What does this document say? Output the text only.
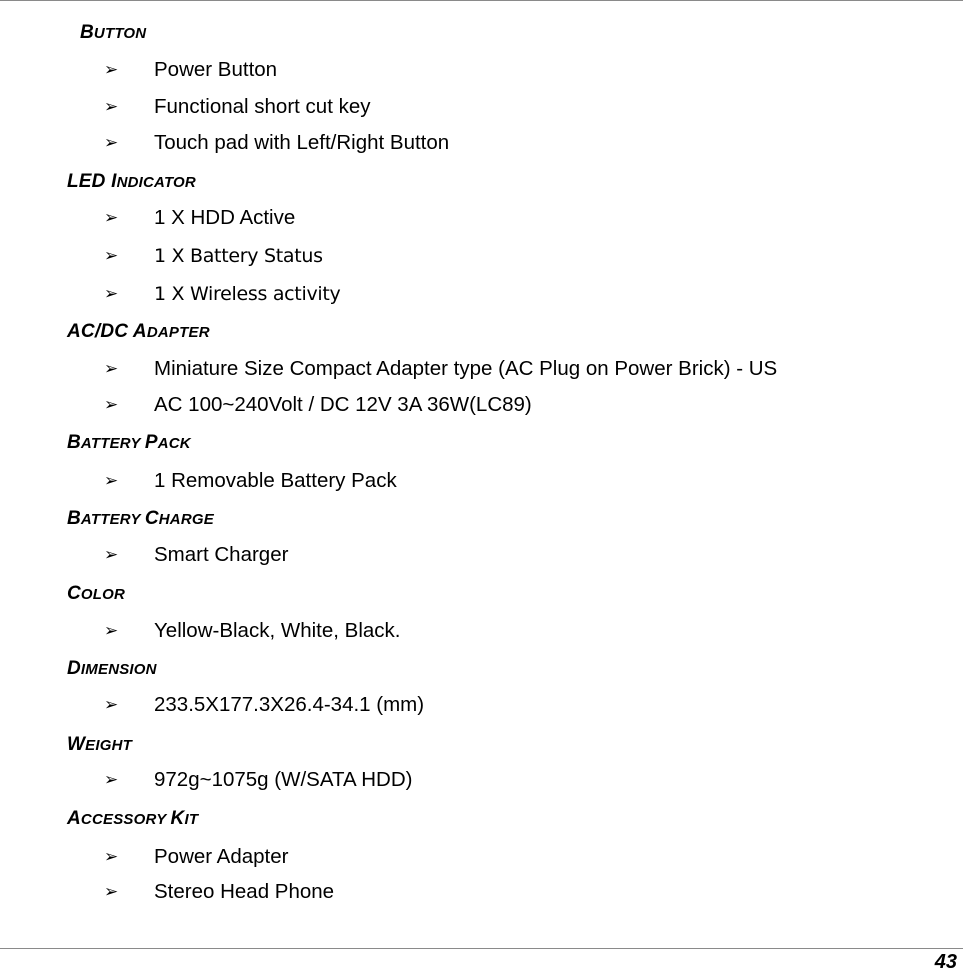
BUTTON
➢ Power Button
➢ Functional short cut key
➢ Touch pad with Left/Right Button
LED INDICATOR
➢ 1 X HDD Active
➢ 1 X Battery Status
➢ 1 X Wireless activity
AC/DC ADAPTER
➢ Miniature Size Compact Adapter type (AC Plug on Power Brick) - US
➢ AC 100~240Volt / DC 12V 3A 36W(LC89)
BATTERY PACK
➢ 1 Removable Battery Pack
BATTERY CHARGE
➢ Smart Charger
COLOR
➢ Yellow-Black, White, Black.
DIMENSION
➢ 233.5X177.3X26.4-34.1 (mm)
WEIGHT
➢ 972g~1075g (W/SATA HDD)
ACCESSORY KIT
➢ Power Adapter
➢ Stereo Head Phone
43
